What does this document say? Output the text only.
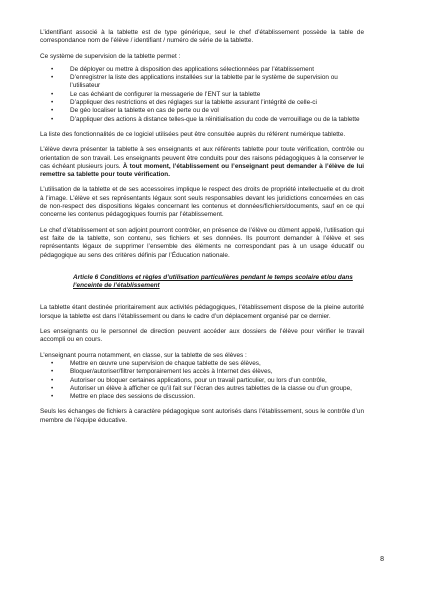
L’identifiant associé à la tablette est de type générique, seul le chef d’établissement possède la table de correspondance nom de l’élève / identifiant / numéro de série de la tablette.

Ce système de supervision de la tablette permet :

• De déployer ou mettre à disposition des applications sélectionnées par l’établissement
• D’enregistrer la liste des applications installées sur la tablette par le système de supervision ou l’utilisateur
• Le cas échéant de configurer la messagerie de l’ENT sur la tablette
• D’appliquer des restrictions et des réglages sur la tablette assurant l’intégrité de celle-ci
• De géo localiser la tablette en cas de perte ou de vol
• D’appliquer des actions à distance telles-que la réinitialisation du code de verrouillage ou de la tablette

La liste des fonctionnalités de ce logiciel utilisées peut être consultée auprès du référent numérique tablette.

L’élève devra présenter la tablette à ses enseignants et aux référents tablette pour toute vérification, contrôle ou orientation de son travail. Les enseignants peuvent être conduits pour des raisons pédagogiques à la conserver le cas échéant plusieurs jours. À tout moment, l’établissement ou l’enseignant peut demander à l’élève de lui remettre sa tablette pour toute vérification.

L’utilisation de la tablette et de ses accessoires implique le respect des droits de propriété intellectuelle et du droit à l’image. L’élève et ses représentants légaux sont seuls responsables devant les juridictions concernées en cas de non-respect des dispositions légales concernant les contenus et données/fichiers/documents, sauf en ce qui concerne les contenus pédagogiques fournis par l’établissement.

Le chef d’établissement et son adjoint pourront contrôler, en présence de l’élève ou dûment appelé, l’utilisation qui est faite de la tablette, son contenu, ses fichiers et ses données. Ils pourront demander à l’élève et ses représentants légaux de supprimer l’ensemble des éléments ne correspondant pas à un usage éducatif ou pédagogique au sens des critères définis par l’Éducation nationale.

Article 6 Conditions et règles d’utilisation particulières pendant le temps scolaire et/ou dans l’enceinte de l’établissement

La tablette étant destinée prioritairement aux activités pédagogiques, l’établissement dispose de la pleine autorité lorsque la tablette est dans l’établissement ou dans le cadre d’un déplacement organisé par ce dernier.

Les enseignants ou le personnel de direction peuvent accéder aux dossiers de l’élève pour vérifier le travail accompli ou en cours.

L’enseignant pourra notamment, en classe, sur la tablette de ses élèves :

• Mettre en œuvre une supervision de chaque tablette de ses élèves,
• Bloquer/autoriser/filtrer temporairement les accès à Internet des élèves,
• Autoriser ou bloquer certaines applications, pour un travail particulier, ou lors d’un contrôle,
• Autoriser un élève à afficher ce qu’il fait sur l’écran des autres tablettes de la classe ou d’un groupe,
• Mettre en place des sessions de discussion.

Seuls les échanges de fichiers à caractère pédagogique sont autorisés dans l’établissement, sous le contrôle d’un membre de l’équipe éducative.

8
